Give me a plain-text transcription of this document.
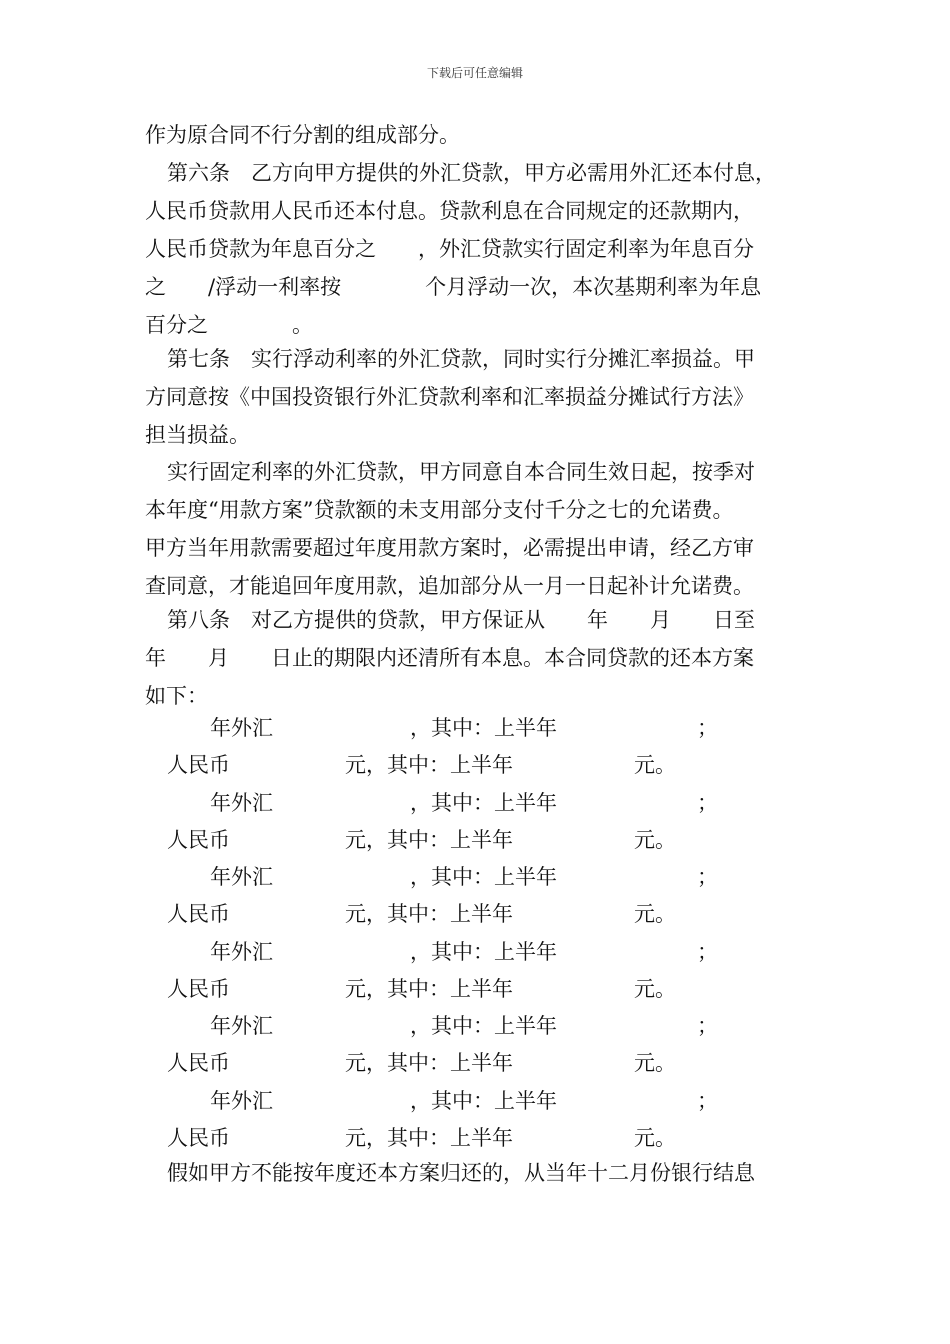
下载后可任意编辑
作为原合同不行分割的组成部分。
第六条　乙方向甲方提供的外汇贷款，甲方必需用外汇还本付息，
人民币贷款用人民币还本付息。贷款利息在合同规定的还款期内，
人民币贷款为年息百分之　　，外汇贷款实行固定利率为年息百分
之　　/浮动一利率按　　　　个月浮动一次，本次基期利率为年息
百分之　　　　。
第七条　实行浮动利率的外汇贷款，同时实行分摊汇率损益。甲
方同意按《中国投资银行外汇贷款利率和汇率损益分摊试行方法》
担当损益。
实行固定利率的外汇贷款，甲方同意自本合同生效日起，按季对
本年度“用款方案”贷款额的未支用部分支付千分之七的允诺费。
甲方当年用款需要超过年度用款方案时，必需提出申请，经乙方审
查同意，才能追回年度用款，追加部分从一月一日起补计允诺费。
第八条　对乙方提供的贷款，甲方保证从　　年　　月　　日至
年　　月　　日止的期限内还清所有本息。本合同贷款的还本方案
如下：
年外汇	，其中：上半年	；
人民币	元，其中：上半年	元。
年外汇	，其中：上半年	；
人民币	元，其中：上半年	元。
年外汇	，其中：上半年	；
人民币	元，其中：上半年	元。
年外汇	，其中：上半年	；
人民币	元，其中：上半年	元。
年外汇	，其中：上半年	；
人民币	元，其中：上半年	元。
年外汇	，其中：上半年	；
人民币	元，其中：上半年	元。
假如甲方不能按年度还本方案归还的，从当年十二月份银行结息
